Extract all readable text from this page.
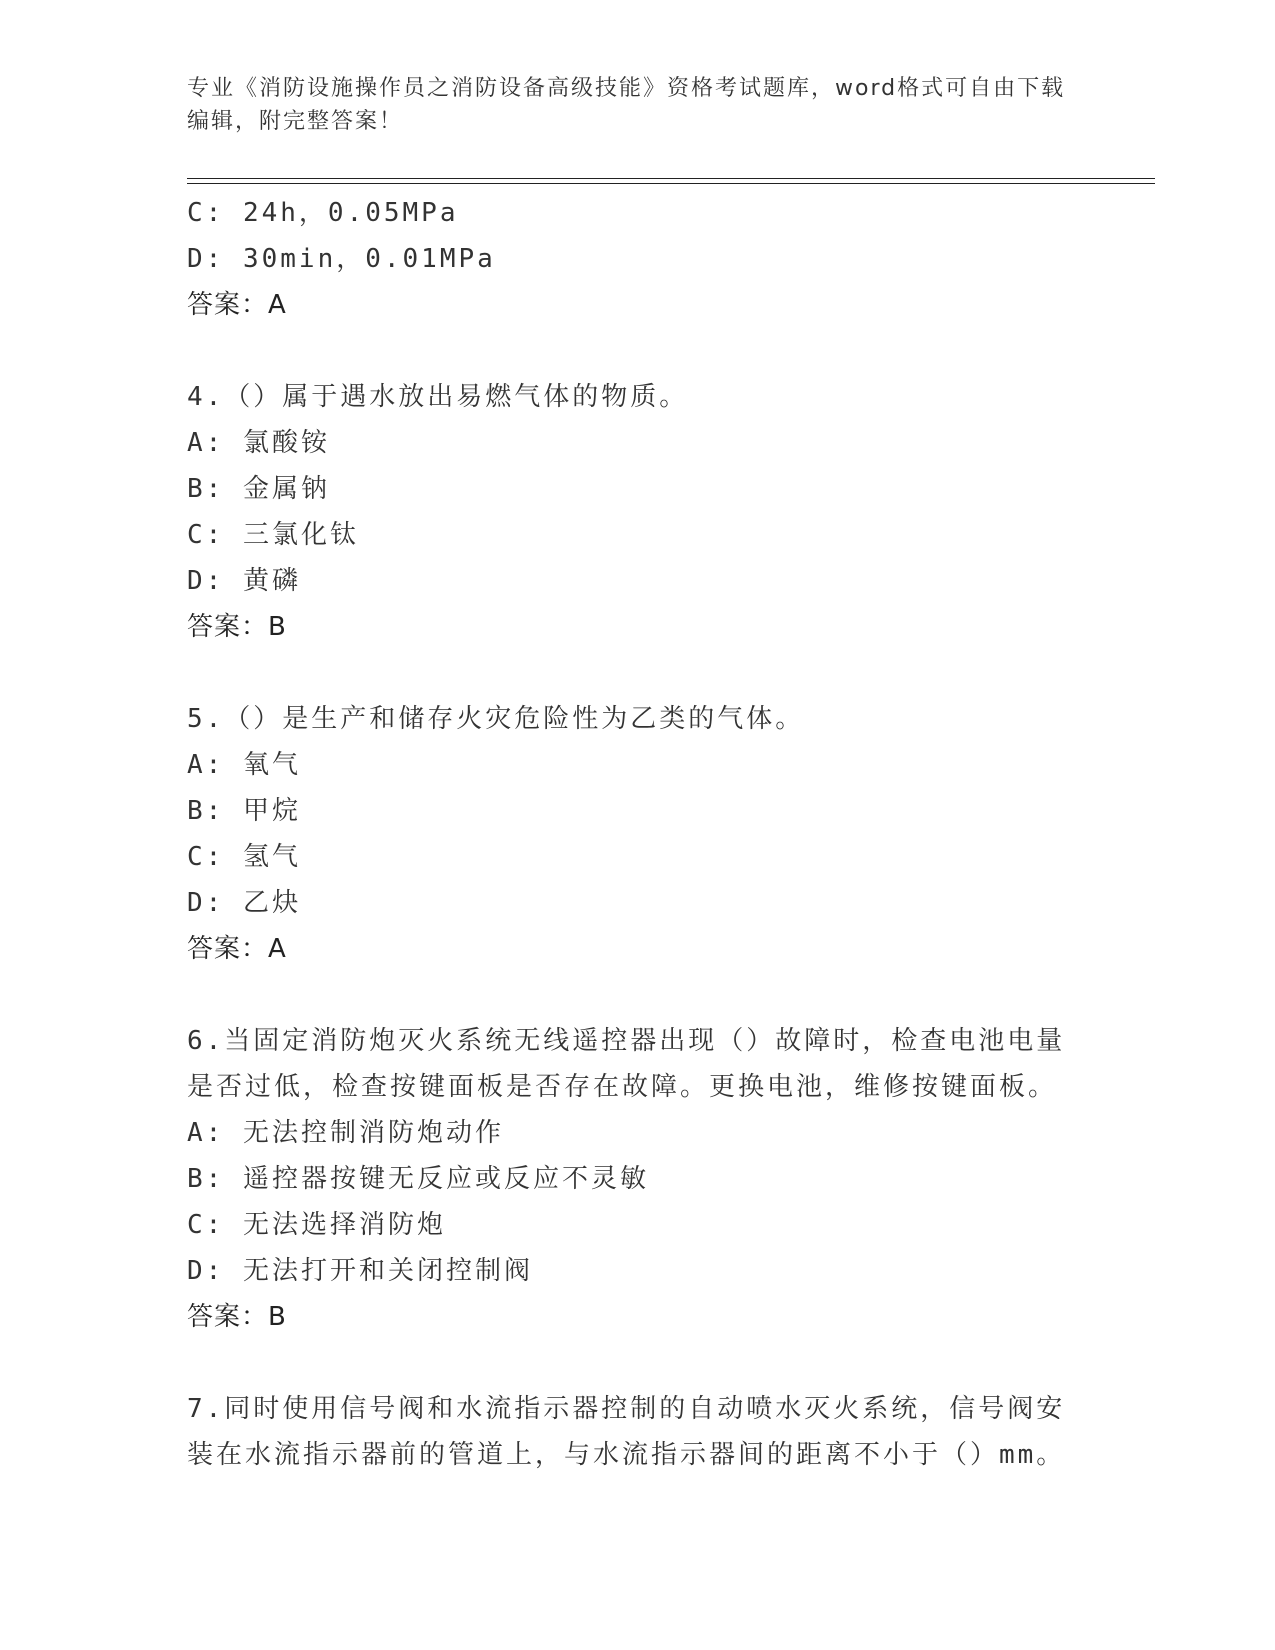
专业《消防设施操作员之消防设备高级技能》资格考试题库，word格式可自由下载编辑，附完整答案！
C: 24h，0.05MPa
D: 30min，0.01MPa
答案：A
4.（）属于遇水放出易燃气体的物质。
A: 氯酸铵
B: 金属钠
C: 三氯化钛
D: 黄磷
答案：B
5.（）是生产和储存火灾危险性为乙类的气体。
A: 氧气
B: 甲烷
C: 氢气
D: 乙炔
答案：A
6.当固定消防炮灭火系统无线遥控器出现（）故障时，检查电池电量是否过低，检查按键面板是否存在故障。更换电池，维修按键面板。
A: 无法控制消防炮动作
B: 遥控器按键无反应或反应不灵敏
C: 无法选择消防炮
D: 无法打开和关闭控制阀
答案：B
7.同时使用信号阀和水流指示器控制的自动喷水灭火系统，信号阀安装在水流指示器前的管道上，与水流指示器间的距离不小于（）mm。
